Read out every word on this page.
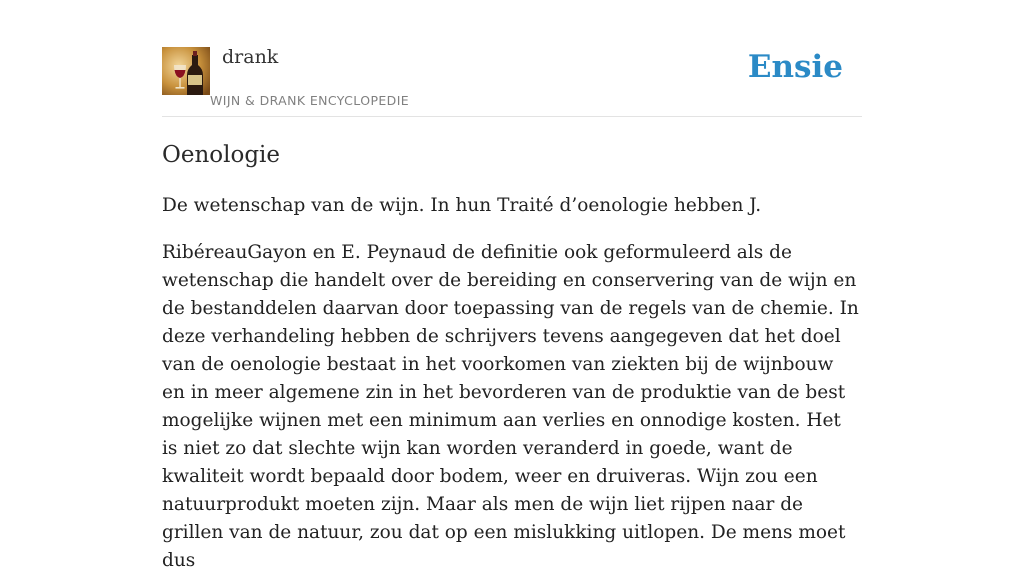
drank
WIJN & DRANK ENCYCLOPEDIE
Ensie
Oenologie

De wetenschap van de wijn. In hun Traité d’oenologie hebben J.

RibéreauGayon en E. Peynaud de definitie ook geformuleerd als de wetenschap die handelt over de bereiding en conservering van de wijn en de bestanddelen daarvan door toepassing van de regels van de chemie. In deze verhandeling hebben de schrijvers tevens aangegeven dat het doel van de oenologie bestaat in het voorkomen van ziekten bij de wijnbouw en in meer algemene zin in het bevorderen van de produktie van de best mogelijke wijnen met een minimum aan verlies en onnodige kosten. Het is niet zo dat slechte wijn kan worden veranderd in goede, want de kwaliteit wordt bepaald door bodem, weer en druiveras. Wijn zou een natuurprodukt moeten zijn. Maar als men de wijn liet rijpen naar de grillen van de natuur, zou dat op een mislukking uitlopen. De mens moet dus
